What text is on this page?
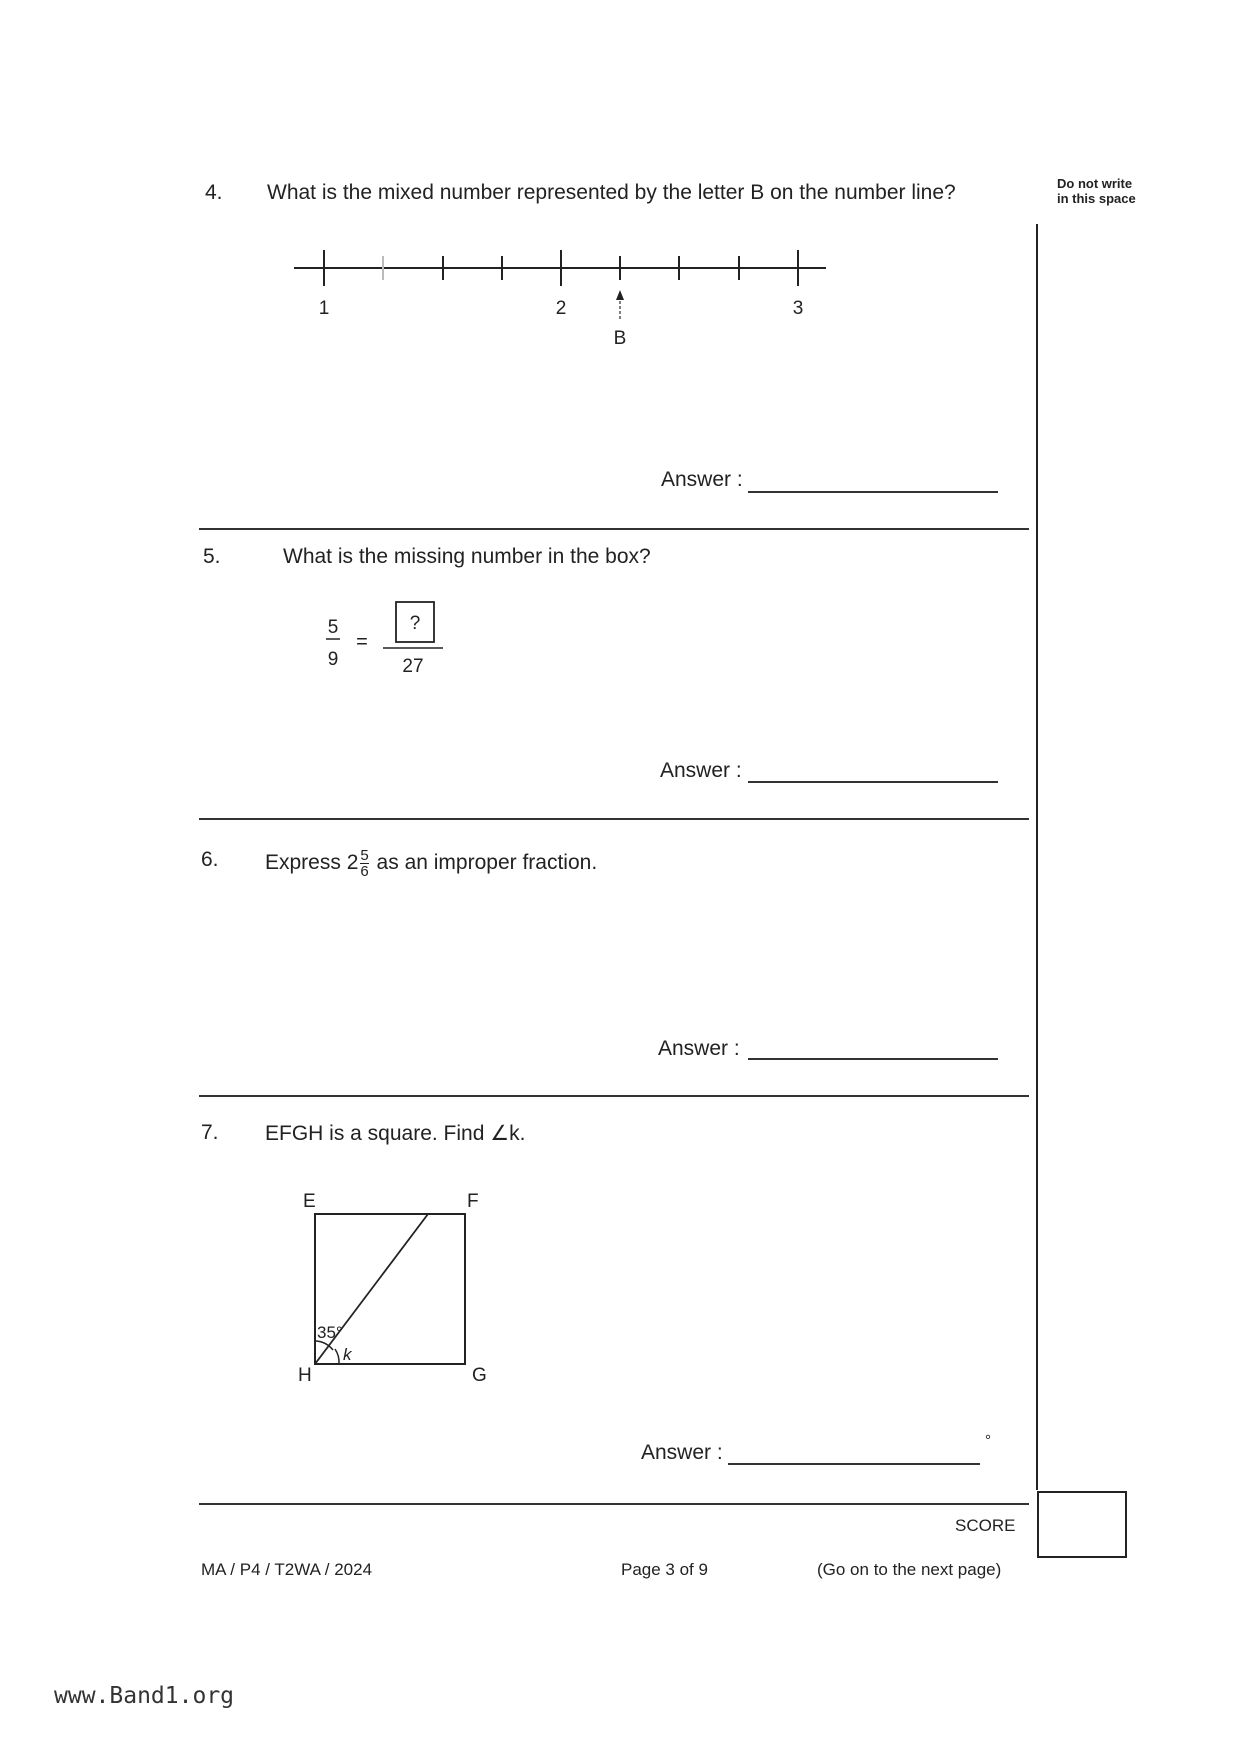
Do not write in this space
4. What is the mixed number represented by the letter B on the number line?
1	2	3
B
Answer :
5.	What is the missing number in the box?
5
9
=
?
27
Answer :
6. Express $2 \frac{5}{6}$ as an improper fraction.
Answer :
7. EFGH is a square. Find ∠k.
E	F
G
H
35°
k
Answer :
°
SCORE
MA / P4 / T2WA / 2024	Page 3 of 9	(Go on to the next page)
www.Band1.org
